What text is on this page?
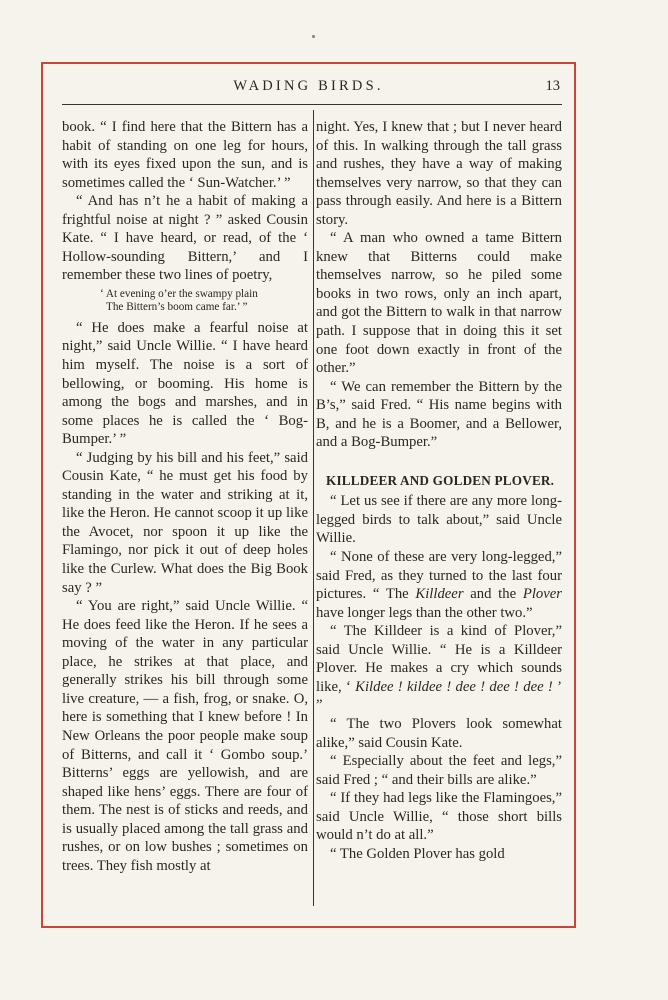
WADING BIRDS.	13

book. “ I find here that the Bittern has a habit of standing on one leg for hours, with its eyes fixed upon the sun, and is sometimes called the ‘ Sun-Watcher.’ ”

“ And has n’t he a habit of making a frightful noise at night ? ” asked Cousin Kate. “ I have heard, or read, of the ‘ Hollow-sounding Bittern,’ and I remember these two lines of poetry,

‘ At evening o’er the swampy plain
The Bittern’s boom came far.’ ”

“ He does make a fearful noise at night,” said Uncle Willie. “ I have heard him myself. The noise is a sort of bellowing, or booming. His home is among the bogs and marshes, and in some places he is called the ‘ Bog-Bumper.’ ”

“ Judging by his bill and his feet,” said Cousin Kate, “ he must get his food by standing in the water and striking at it, like the Heron. He cannot scoop it up like the Avocet, nor spoon it up like the Flamingo, nor pick it out of deep holes like the Curlew. What does the Big Book say ? ”

“ You are right,” said Uncle Willie. “ He does feed like the Heron. If he sees a moving of the water in any particular place, he strikes at that place, and generally strikes his bill through some live creature, — a fish, frog, or snake. O, here is something that I knew before ! In New Orleans the poor people make soup of Bitterns, and call it ‘ Gombo soup.’ Bitterns’ eggs are yellowish, and are shaped like hens’ eggs. There are four of them. The nest is of sticks and reeds, and is usually placed among the tall grass and rushes, or on low bushes ; sometimes on trees. They fish mostly at

night. Yes, I knew that ; but I never heard of this. In walking through the tall grass and rushes, they have a way of making themselves very narrow, so that they can pass through easily. And here is a Bittern story.

“ A man who owned a tame Bittern knew that Bitterns could make themselves narrow, so he piled some books in two rows, only an inch apart, and got the Bittern to walk in that narrow path. I suppose that in doing this it set one foot down exactly in front of the other.”

“ We can remember the Bittern by the B’s,” said Fred. “ His name begins with B, and he is a Boomer, and a Bellower, and a Bog-Bumper.”

KILLDEER AND GOLDEN PLOVER.

“ Let us see if there are any more long-legged birds to talk about,” said Uncle Willie.

“ None of these are very long-legged,” said Fred, as they turned to the last four pictures. “ The Killdeer and the Plover have longer legs than the other two.”

“ The Killdeer is a kind of Plover,” said Uncle Willie. “ He is a Killdeer Plover. He makes a cry which sounds like, ‘ Kildee ! kildee ! dee ! dee ! dee ! ’ ”

“ The two Plovers look somewhat alike,” said Cousin Kate.

“ Especially about the feet and legs,” said Fred ; “ and their bills are alike.”

“ If they had legs like the Flamingoes,” said Uncle Willie, “ those short bills would n’t do at all.”

“ The Golden Plover has gold
